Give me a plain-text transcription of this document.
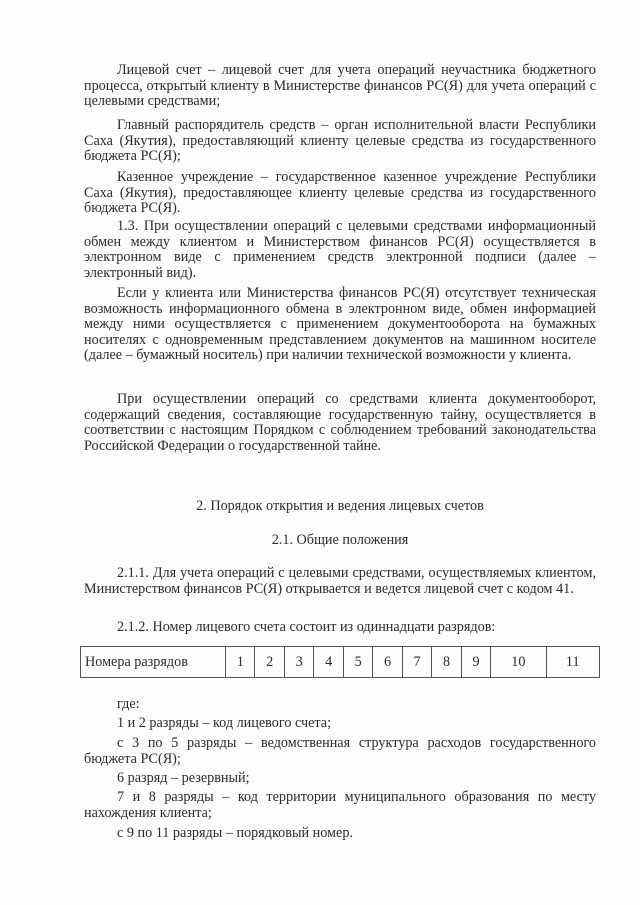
Лицевой счет – лицевой счет для учета операций неучастника бюджетного процесса, открытый клиенту в Министерстве финансов РС(Я) для учета операций с целевыми средствами;

Главный распорядитель средств – орган исполнительной власти Республики Саха (Якутия), предоставляющий клиенту целевые средства из государственного бюджета РС(Я);

Казенное учреждение – государственное казенное учреждение Республики Саха (Якутия), предоставляющее клиенту целевые средства из государственного бюджета РС(Я).

1.3. При осуществлении операций с целевыми средствами информационный обмен между клиентом и Министерством финансов РС(Я) осуществляется в электронном виде с применением средств электронной подписи (далее – электронный вид).

Если у клиента или Министерства финансов РС(Я) отсутствует техническая возможность информационного обмена в электронном виде, обмен информацией между ними осуществляется с применением документооборота на бумажных носителях с одновременным представлением документов на машинном носителе (далее – бумажный носитель) при наличии технической возможности у клиента.

При осуществлении операций со средствами клиента документооборот, содержащий сведения, составляющие государственную тайну, осуществляется в соответствии с настоящим Порядком с соблюдением требований законодательства Российской Федерации о государственной тайне.

2. Порядок открытия и ведения лицевых счетов

2.1. Общие положения

2.1.1. Для учета операций с целевыми средствами, осуществляемых клиентом, Министерством финансов РС(Я) открывается и ведется лицевой счет с кодом 41.

2.1.2. Номер лицевого счета состоит из одиннадцати разрядов:

Номера разрядов	1	2	3	4	5	6	7	8	9	10	11

где:

1 и 2 разряды – код лицевого счета;

с 3 по 5 разряды – ведомственная структура расходов государственного бюджета РС(Я);

6 разряд – резервный;

7 и 8 разряды – код территории муниципального образования по месту нахождения клиента;

с 9 по 11 разряды – порядковый номер.
